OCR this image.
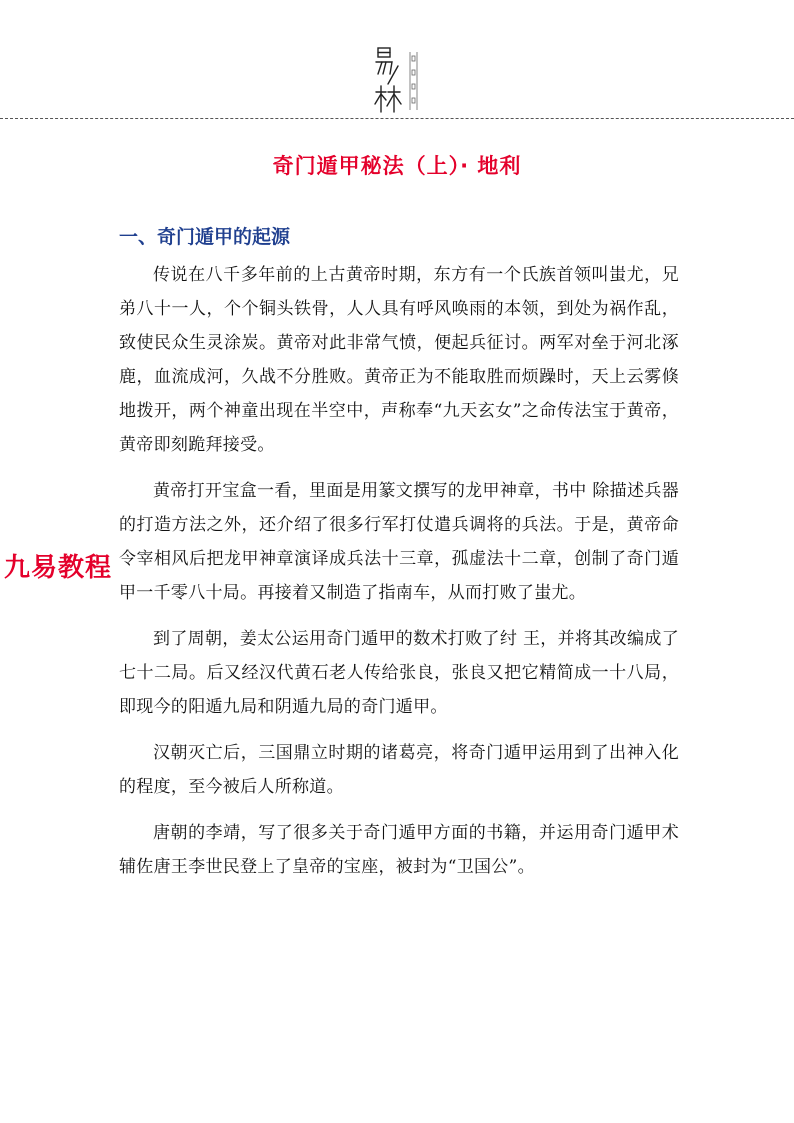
奇门遁甲秘法（上）· 地利
一、奇门遁甲的起源

传说在八千多年前的上古黄帝时期，东方有一个氏族首领叫蚩尤，兄弟八十一人，个个铜头铁骨，人人具有呼风唤雨的本领，到处为祸作乱，致使民众生灵涂炭。黄帝对此非常气愤，便起兵征讨。两军对垒于河北涿鹿，血流成河，久战不分胜败。黄帝正为不能取胜而烦躁时，天上云雾倏地拨开，两个神童出现在半空中，声称奉“九天玄女”之命传法宝于黄帝，黄帝即刻跪拜接受。

黄帝打开宝盒一看，里面是用篆文撰写的龙甲神章，书中 除描述兵器的打造方法之外，还介绍了很多行军打仗遣兵调将的兵法。于是，黄帝命令宰相风后把龙甲神章演译成兵法十三章，孤虚法十二章，创制了奇门遁甲一千零八十局。再接着又制造了指南车，从而打败了蚩尤。

到了周朝，姜太公运用奇门遁甲的数术打败了纣 王，并将其改编成了七十二局。后又经汉代黄石老人传给张良，张良又把它精简成一十八局，即现今的阳遁九局和阴遁九局的奇门遁甲。

汉朝灭亡后，三国鼎立时期的诸葛亮，将奇门遁甲运用到了出神入化的程度，至今被后人所称道。

唐朝的李靖，写了很多关于奇门遁甲方面的书籍，并运用奇门遁甲术辅佐唐王李世民登上了皇帝的宝座，被封为“卫国公”。

九易教程
